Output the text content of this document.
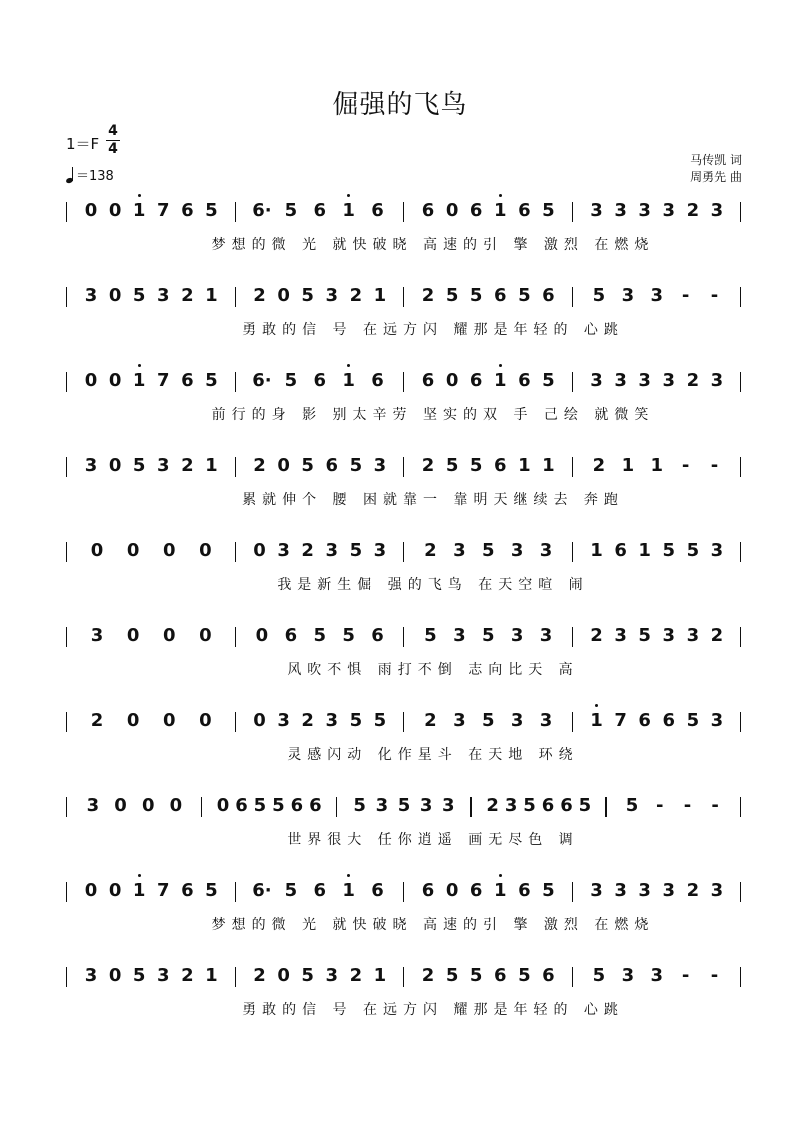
倔强的飞鸟
1＝F
4
4
＝138
马传凯 词
周勇先 曲
0 0 1 7 6 5 6· 5 6 1 6	6 0 6 1 6 5 3 3 3 3 2 3
梦想的微 光 就快破晓 高速的引 擎 激烈 在燃烧
3 0 5 3 2 1 2 0 5 3 2 1 2 5 5 6 5 6	5 3 3	-	-
勇敢的信 号 在远方闪 耀那是年轻的 心跳
0 0 1 7 6 5 6· 5 6 1 6	6 0 6 1 6 5 3 3 3 3 2 3
前行的身 影 别太辛劳 坚实的双 手 己绘 就微笑
3 0 5 3 2 1 2 0 5 6 5 3 2 5 5 6 1 1	2 1 1	-	-
累就伸个 腰 困就靠一 靠明天继续去 奔跑
0	0	0	0	0 3 2 3 5 3	2 3 5 3 3	1 6 1 5 5 3
我是新生倔 强的飞鸟 在天空喧 闹
3	0	0	0	0 6 5 5 6	5 3 5 3 3	2 3 5 3 3 2
风吹不惧 雨打不倒 志向比天 高
2	0	0	0	0 3 2 3 5 5	2 3 5 3 3	1 7 6 6 5 3
灵感闪动 化作星斗 在天地 环绕
3 0 0 0	0 6 5 5 6 6 5 3 5 3 3 2 3 5 6 6 5	5 -	-	-
世界很大 任你逍遥 画无尽色 调
0 0 1 7 6 5 6· 5 6 1 6	6 0 6 1 6 5 3 3 3 3 2 3
梦想的微 光 就快破晓 高速的引 擎 激烈 在燃烧
3 0 5 3 2 1 2 0 5 3 2 1 2 5 5 6 5 6	5 3 3	-	-
勇敢的信 号 在远方闪 耀那是年轻的 心跳
